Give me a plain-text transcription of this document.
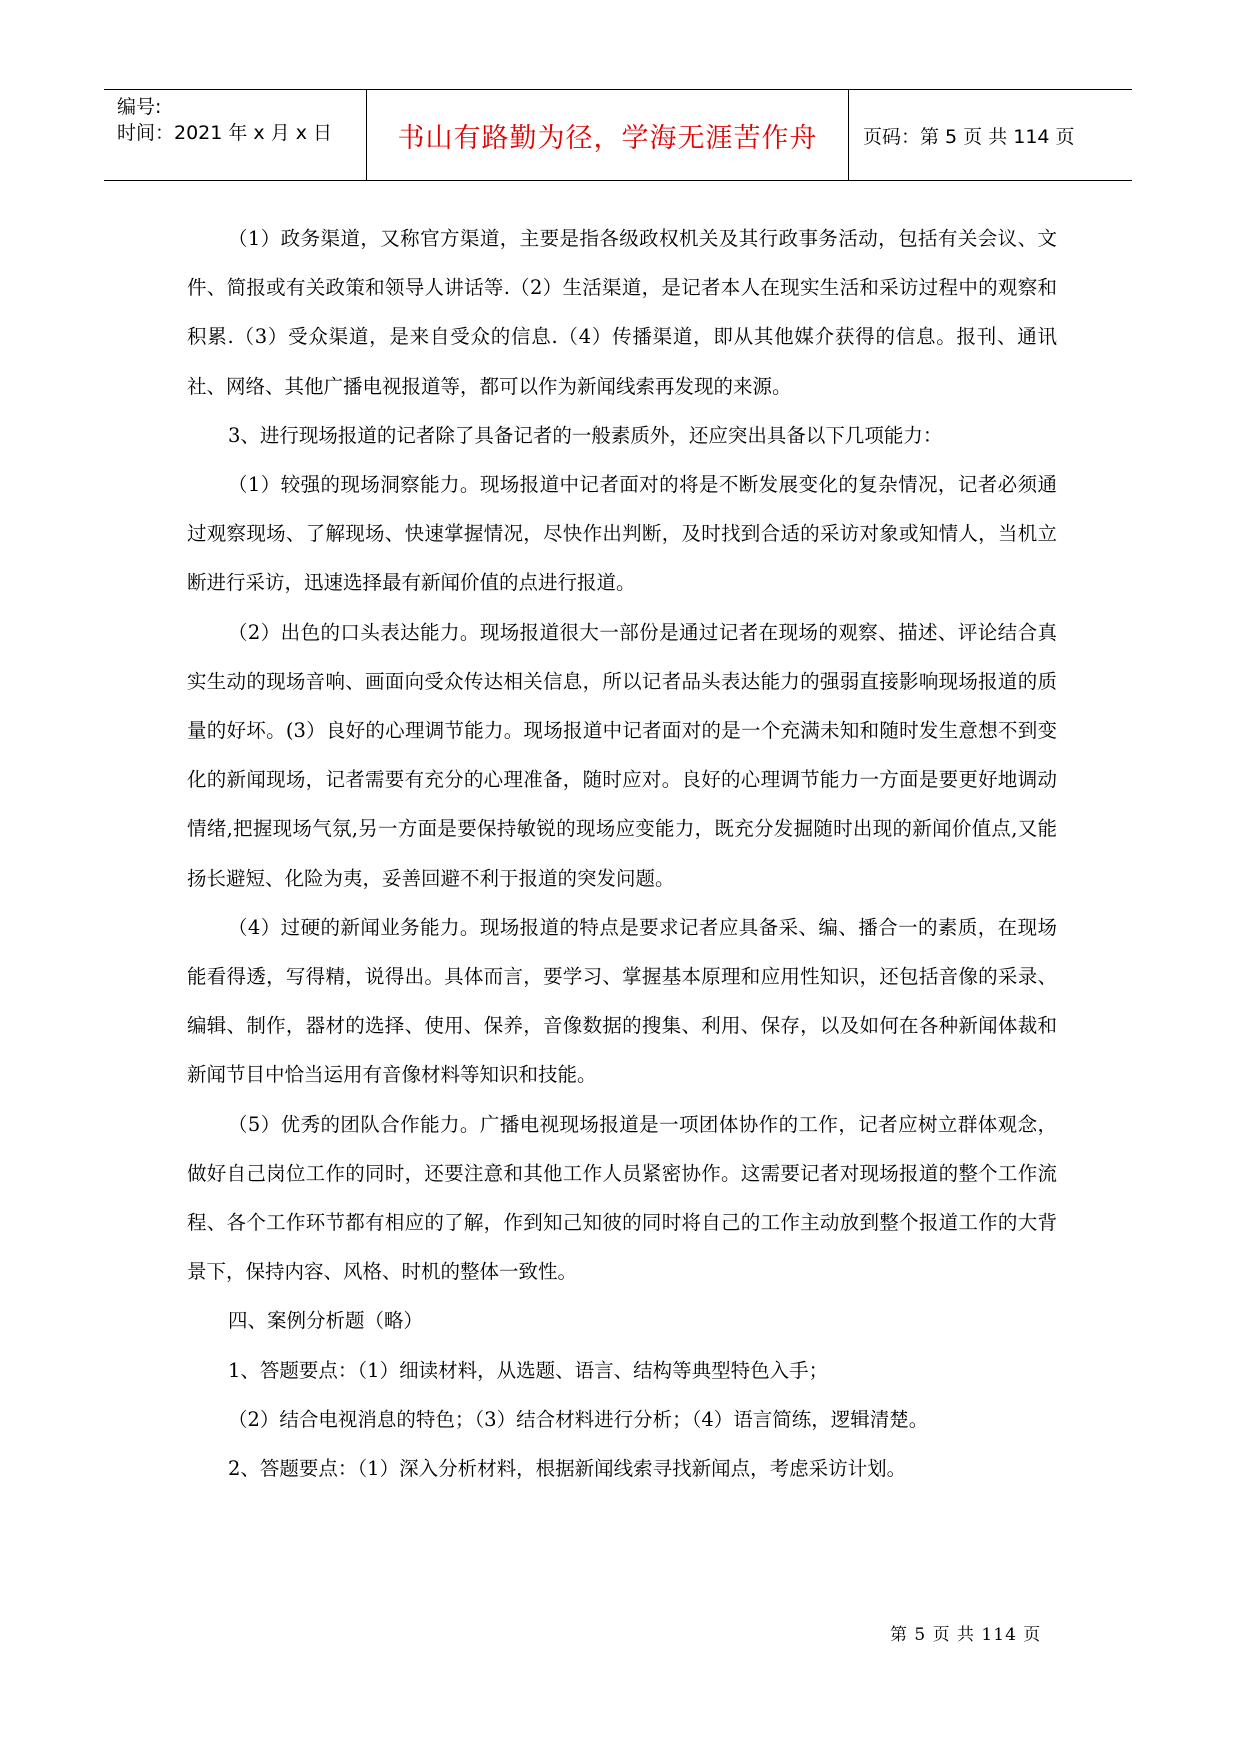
编号:
时间：2021 年 x 月 x 日	书山有路勤为径，学海无涯苦作舟 页码：第 5 页 共 114 页

（1）政务渠道，又称官方渠道，主要是指各级政权机关及其行政事务活动，包括有关会议、文件、简报或有关政策和领导人讲话等.（2）生活渠道，是记者本人在现实生活和采访过程中的观察和积累.（3）受众渠道，是来自受众的信息.（4）传播渠道，即从其他媒介获得的信息。报刊、通讯社、网络、其他广播电视报道等，都可以作为新闻线索再发现的来源。

3、进行现场报道的记者除了具备记者的一般素质外，还应突出具备以下几项能力：

（1）较强的现场洞察能力。现场报道中记者面对的将是不断发展变化的复杂情况，记者必须通过观察现场、了解现场、快速掌握情况，尽快作出判断，及时找到合适的采访对象或知情人，当机立断进行采访，迅速选择最有新闻价值的点进行报道。

（2）出色的口头表达能力。现场报道很大一部份是通过记者在现场的观察、描述、评论结合真实生动的现场音响、画面向受众传达相关信息，所以记者品头表达能力的强弱直接影响现场报道的质量的好坏。(3）良好的心理调节能力。现场报道中记者面对的是一个充满未知和随时发生意想不到变化的新闻现场，记者需要有充分的心理准备，随时应对。良好的心理调节能力一方面是要更好地调动情绪,把握现场气氛,另一方面是要保持敏锐的现场应变能力，既充分发掘随时出现的新闻价值点,又能扬长避短、化险为夷，妥善回避不利于报道的突发问题。

（4）过硬的新闻业务能力。现场报道的特点是要求记者应具备采、编、播合一的素质，在现场能看得透，写得精，说得出。具体而言，要学习、掌握基本原理和应用性知识，还包括音像的采录、编辑、制作，器材的选择、使用、保养，音像数据的搜集、利用、保存，以及如何在各种新闻体裁和新闻节目中恰当运用有音像材料等知识和技能。

（5）优秀的团队合作能力。广播电视现场报道是一项团体协作的工作，记者应树立群体观念，做好自己岗位工作的同时，还要注意和其他工作人员紧密协作。这需要记者对现场报道的整个工作流程、各个工作环节都有相应的了解，作到知己知彼的同时将自己的工作主动放到整个报道工作的大背景下，保持内容、风格、时机的整体一致性。

四、案例分析题（略）

1、答题要点：（1）细读材料，从选题、语言、结构等典型特色入手；

（2）结合电视消息的特色；（3）结合材料进行分析；（4）语言简练，逻辑清楚。

2、答题要点：（1）深入分析材料，根据新闻线索寻找新闻点，考虑采访计划。

第 5 页 共 114 页
